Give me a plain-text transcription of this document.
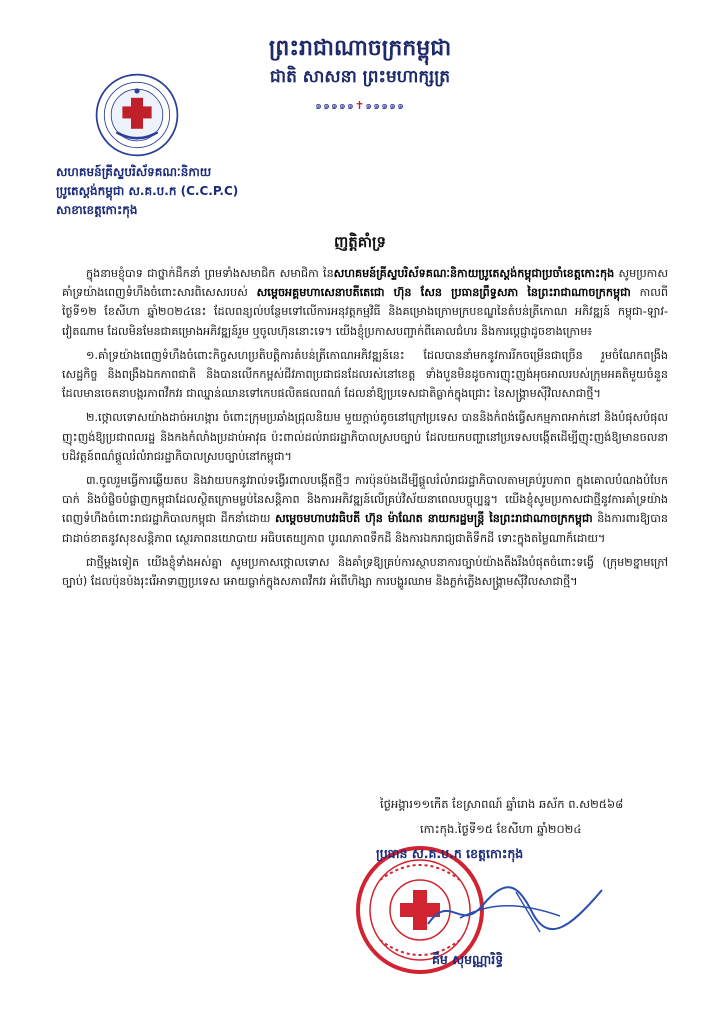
ព្រះរាជាណាចក្រកម្ពុជា
ជាតិ សាសនា ព្រះមហាក្សត្រ
๑๑๑๑๑✝๑๑๑๑๑
សហគមន៍គ្រីស្ទបរិស័ទគណៈនិកាយ
ប្រូតេស្តង់កម្ពុជា ស.គ.ប.ក (C.C.P.C)
សាខាខេត្តកោះកុង
ញត្តិគាំទ្រ

ក្នុងនាមខ្ញុំបាទ ជាថ្នាក់ដឹកនាំ ព្រមទាំងសមាជិក សមាជិកា នៃសហគមន៍គ្រីស្ទបរិស័ទគណៈនិកាយប្រូតេស្តង់កម្ពុជាប្រចាំខេត្តកោះកុង សូមប្រកាសគាំទ្រយ៉ាងពេញទំហឹងចំពោះសារពិសេសរបស់ សម្តេចអគ្គមហាសេនាបតីតេជោ ហ៊ុន សែន ប្រធានព្រឹទ្ធសភា នៃព្រះរាជាណាចក្រកម្ពុជា កាលពីថ្ងៃទី១២ ខែសីហា ឆ្នាំ២០២៤នេះ ដែលពន្យល់បន្ថែមទៅលើការអនុវត្តកម្មវិធី និងគម្រោងក្រោមក្របខណ្ឌនៃតំបន់ត្រីកោណ អភិវឌ្ឍន៍ កម្ពុជា-ឡាវ-វៀតណាម ដែលមិនមែនជាគម្រោងអភិវឌ្ឍន៍រួម ឬចូលហ៊ុននោះទេ។ យើងខ្ញុំប្រកាសបញ្ជាក់ពីគោលជំហរ និងការប្តេជ្ញាដូចខាងក្រោម៖

១.គាំទ្រយ៉ាងពេញទំហឹងចំពោះកិច្ចសហប្រតិបត្តិការតំបន់ត្រីកោណអភិវឌ្ឍន៍នេះ ដែលបាននាំមកនូវការរីកចម្រើនជាច្រើន រួមចំណែកពង្រឹង សេដ្ឋកិច្ច និងពង្រឹងឯកភាពជាតិ និងបានលើកកម្ពស់ជីវភាពប្រជាជនដែលរស់នៅខេត្ត ទាំងបួនមិនដូចការញុះញង់អុចអាលរបស់ក្រុមអគតិមួយចំនួន ដែលមានចេតនាបង្ករភាពវឹកវរ ជាឈ្នាន់ឈានទៅកេបផលិតផលពណ៌ ដែលនាំឱ្យប្រទេសជាតិធ្លាក់ក្នុងជ្រោះ នៃសង្គ្រាមស៊ីវិលសាជាថ្មី។

២.ថ្កោលទោសយ៉ាងដាច់អហង្ការ ចំពោះក្រុមប្រឆាំងជ្រុលនិយម មួយក្តាប់តូចនៅក្រៅប្រទេស បាននិងកំពង់ធ្វើសកម្មភាពអាក់នៅ និងបំផុសបំផុល ញុះញង់ឱ្យប្រជាពលរដ្ឋ និងកងកំលាំងប្រដាប់អាវុធ ប៉ះពាល់ដល់រាជរដ្ឋាភិបាលស្របច្បាប់ ដែលយកបញ្ហានៅប្រទេសបង្កើតដើម្បីញុះញង់ឱ្យមានចលនាបដិវត្តន៍ពណ៌ផ្តួលរំលំរាជរដ្ឋាភិបាលស្របច្បាប់នៅកម្ពុជា។

៣.ចូលរួមធ្វើការឆ្លើយតប និងវាយបកនូវរាល់ទង្វើរពាលបង្កើតថ្មីៗ ការប៉ុនប៉ងដើម្បីផ្តួលរំលំរាជរដ្ឋាភិបាលតាមគ្រប់រូបភាព ក្នុងគោលបំណងបំបែកបាក់ និងបំផ្លិចបំផ្លាញកម្ពុជាដែលស្ថិតក្រោមម្លប់នៃសន្តិភាព និងការអភិវឌ្ឍន៍លើគ្រប់វិស័យនាពេលបច្ចុប្បន្ន។ យើងខ្ញុំសូមប្រកាសជាថ្មីនូវការគាំទ្រយ៉ាងពេញទំហឹងចំពោះរាជរដ្ឋាភិបាលកម្ពុជា ដឹកនាំដោយ សម្តេចមហាបវរធិបតី ហ៊ុន ម៉ាណែត នាយករដ្ឋមន្ត្រី នៃព្រះរាជាណាចក្រកម្ពុជា និងការពារឱ្យបានជាដាច់ខាតនូវសុខសន្តិភាព ស្ថេរភាពនយោបាយ អធិបតេយ្យភាព បូរណភាពទឹកដី និងការឯករាជ្យជាតិទឹកដី ទោះក្នុងតម្លៃណាក៏ដោយ។

ជាថ្មីម្តងទៀត យើងខ្ញុំទាំងអស់គ្នា សូមប្រកាសថ្កោលទោស និងគាំទ្រឱ្យគ្រប់ការស្ថាបនាការច្បាប់យ៉ាងតឹងរឹងបំផុតចំពោះទង្វើ (ក្រុម២ខ្នាមក្រៅច្បាប់) ដែលប៉ុនប៉ងរុះរើអាទាញប្រទេស អោយធ្លាក់ក្នុងសភាពវឹកវរ អំពើហិង្សា ការបង្ហូរឈាម និងភ្លក់ភ្លើងសង្គ្រាមស៊ីវិលសាជាថ្មី។

ថ្ងៃអង្គារ១១កើត ខែស្រាពណ៍ ឆ្នាំរោង ឆស័ក ព.ស២៥៦៨
កោះកុង.ថ្ងៃទី១៥ ខែសីហា ឆ្នាំ២០២៤
ប្រធាន ស.គ.ប.ក ខេត្តកោះកុង
គឹម សុមណ្ណារិទ្ធិ
